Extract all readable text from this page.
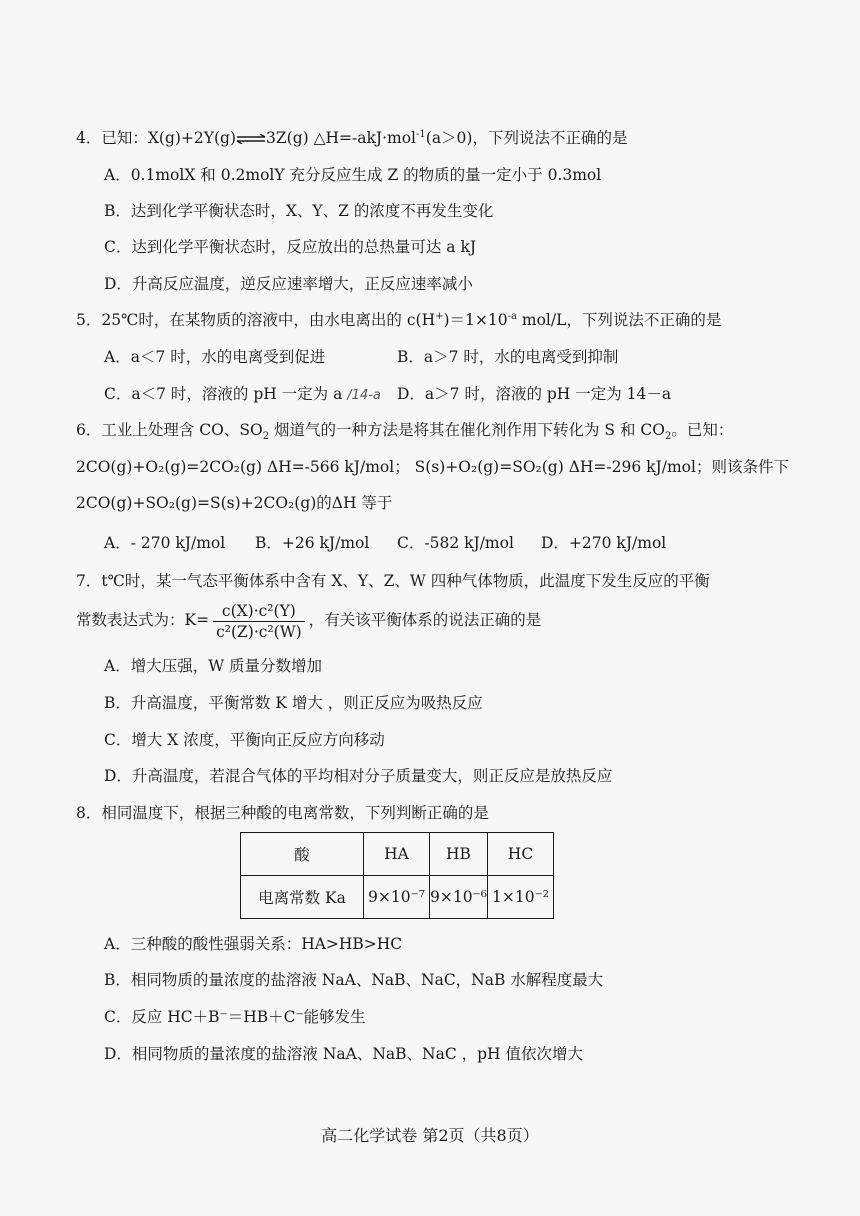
4．已知：X(g)+2Y(g)⇌3Z(g) △H=-akJ·mol$^{-1}$(a＞0)，下列说法不正确的是
A．0.1molX 和 0.2molY 充分反应生成 Z 的物质的量一定小于 0.3mol
B．达到化学平衡状态时，X、Y、Z 的浓度不再发生变化
C．达到化学平衡状态时，反应放出的总热量可达 a kJ
D．升高反应温度，逆反应速率增大，正反应速率减小
5．25℃时，在某物质的溶液中，由水电离出的 $c(H^+)=1\times 10^{-a}$ mol/L，下列说法不正确的是
A．a＜7 时，水的电离受到促进	B．a＞7 时，水的电离受到抑制
C．a＜7 时，溶液的 pH 一定为 a /14-a D．a＞7 时，溶液的 pH 一定为 14－a
6．工业上处理含 CO、$SO_2$ 烟道气的一种方法是将其在催化剂作用下转化为 S 和 $CO_2$。已知：
2CO(g)+O₂(g)=2CO₂(g) ΔH=-566 kJ/mol； S(s)+O₂(g)=SO₂(g) ΔH=-296 kJ/mol；则该条件下
2CO(g)+SO₂(g)=S(s)+2CO₂(g)的ΔH 等于
A．- 270 kJ/mol B．+26 kJ/mol C．-582 kJ/mol D．+270 kJ/mol
7．t℃时，某一气态平衡体系中含有 X、Y、Z、W 四种气体物质，此温度下发生反应的平衡
常数表达式为：$K= \frac{\text{c(X)·c²(Y)}}{\text{c²(Z)·c²(W)}}$ ，有关该平衡体系的说法正确的是
A．增大压强，W 质量分数增加
B．升高温度，平衡常数 K 增大 ，则正反应为吸热反应
C．增大 X 浓度，平衡向正反应方向移动
D．升高温度，若混合气体的平均相对分子质量变大，则正反应是放热反应
8．相同温度下，根据三种酸的电离常数，下列判断正确的是
酸	HA	HB	HC
电离常数 Ka	9×10⁻⁷	9×10⁻⁶	1×10⁻²
A．三种酸的酸性强弱关系：HA>HB>HC
B．相同物质的量浓度的盐溶液 NaA、NaB、NaC，NaB 水解程度最大
C．反应 HC＋B⁻＝HB＋C⁻能够发生
D．相同物质的量浓度的盐溶液 NaA、NaB、NaC ，pH 值依次增大
高二化学试卷 第2页（共8页）
